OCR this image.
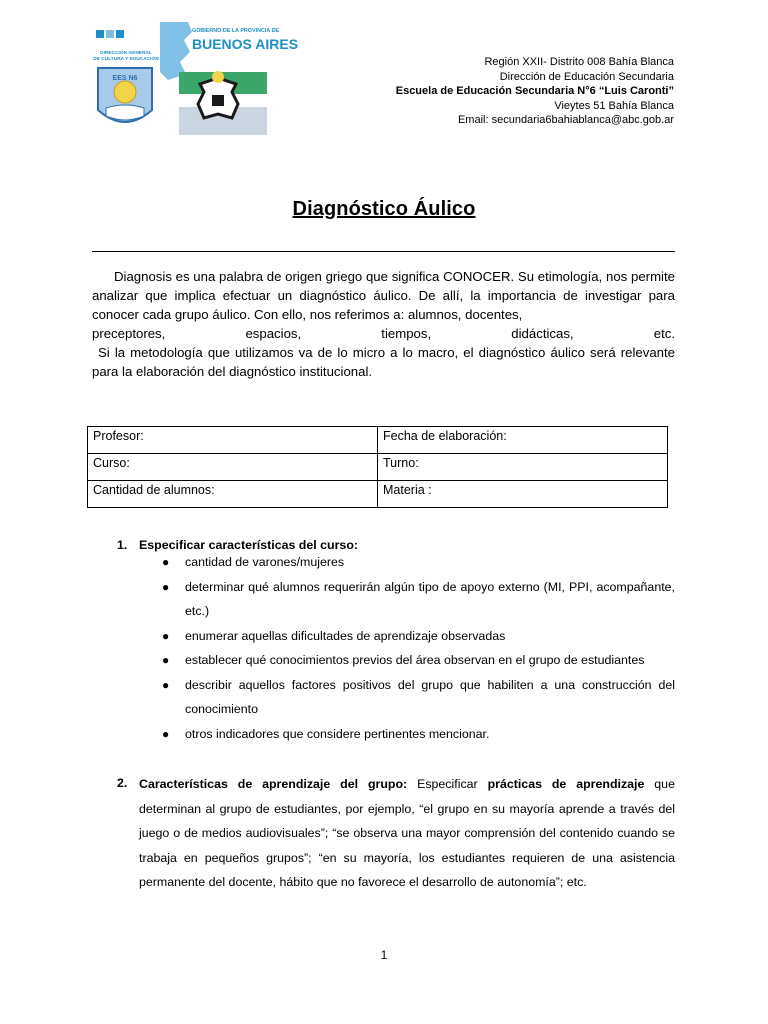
DIRECCIÓN GENERAL
DE CULTURA Y EDUCACIÓN
EES N6
GOBIERNO DE LA PROVINCIA DE
BUENOS AIRES
Región XXII- Distrito 008 Bahía Blanca
Dirección de Educación Secundaria
Escuela de Educación Secundaria N°6 “Luis Caronti”
Vieytes 51 Bahía Blanca
Email: secundaria6bahiablanca@abc.gob.ar
Diagnóstico Áulico

Diagnosis es una palabra de origen griego que significa CONOCER. Su etimología, nos permite analizar que implica efectuar un diagnóstico áulico. De allí, la importancia de investigar para conocer cada grupo áulico. Con ello, nos referimos a: alumnos, docentes,

preceptores, espacios, tiempos, didácticas, etc.

Si la metodología que utilizamos va de lo micro a lo macro, el diagnóstico áulico será relevante para la elaboración del diagnóstico institucional.

Profesor:	Fecha de elaboración:
Curso:	Turno:
Cantidad de alumnos:	Materia :
1. Especificar características del curso:
● cantidad de varones/mujeres
● determinar qué alumnos requerirán algún tipo de apoyo externo (MI, PPI, acompañante, etc.)
● enumerar aquellas dificultades de aprendizaje observadas
● establecer qué conocimientos previos del área observan en el grupo de estudiantes
● describir aquellos factores positivos del grupo que habiliten a una construcción del conocimiento
● otros indicadores que considere pertinentes mencionar.
2. Características de aprendizaje del grupo: Especificar prácticas de aprendizaje que determinan al grupo de estudiantes, por ejemplo, “el grupo en su mayoría aprende a través del juego o de medios audiovisuales”; “se observa una mayor comprensión del contenido cuando se trabaja en pequeños grupos”; “en su mayoría, los estudiantes requieren de una asistencia permanente del docente, hábito que no favorece el desarrollo de autonomía”; etc.
1
